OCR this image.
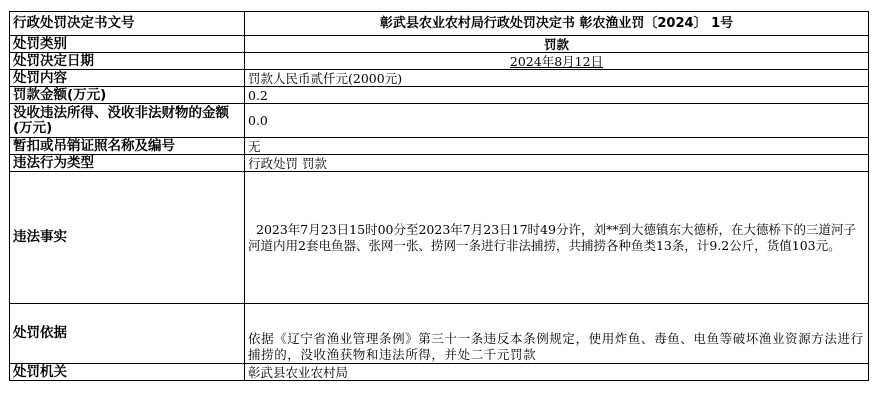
行政处罚决定书文号	彰武县农业农村局行政处罚决定书 彰农渔业罚〔2024〕 1号
处罚类别	罚款
处罚决定日期	2024年8月12日
处罚内容	罚款人民币贰仟元(2000元)
罚款金额(万元)	0.2
没收违法所得、没收非法财物的金额(万元)	0.0
暂扣或吊销证照名称及编号	无
违法行为类型	行政处罚 罚款
违法事实	2023年7月23日15时00分至2023年7月23日17时49分许，刘**到大德镇东大德桥，在大德桥下的三道河子河道内用2套电鱼器、张网一张、捞网一条进行非法捕捞，共捕捞各种鱼类13条，计9.2公斤，货值103元。

处罚依据	依据《辽宁省渔业管理条例》第三十一条违反本条例规定，使用炸鱼、毒鱼、电鱼等破坏渔业资源方法进行捕捞的，没收渔获物和违法所得，并处二千元罚款

处罚机关	彰武县农业农村局
